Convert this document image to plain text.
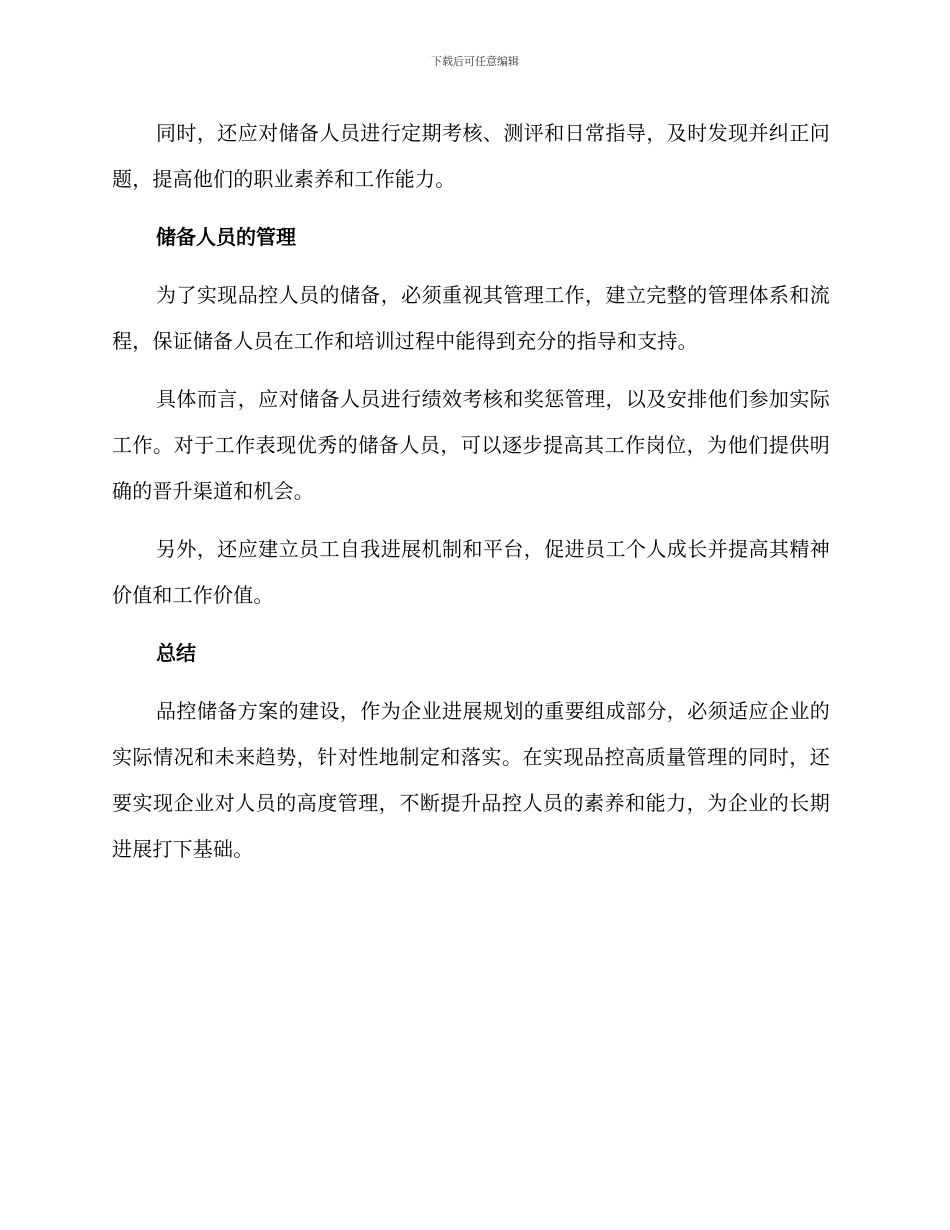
下载后可任意编辑

同时，还应对储备人员进行定期考核、测评和日常指导，及时发现并纠正问题，提高他们的职业素养和工作能力。

储备人员的管理

为了实现品控人员的储备，必须重视其管理工作，建立完整的管理体系和流程，保证储备人员在工作和培训过程中能得到充分的指导和支持。

具体而言，应对储备人员进行绩效考核和奖惩管理，以及安排他们参加实际工作。对于工作表现优秀的储备人员，可以逐步提高其工作岗位，为他们提供明确的晋升渠道和机会。

另外，还应建立员工自我进展机制和平台，促进员工个人成长并提高其精神价值和工作价值。

总结

品控储备方案的建设，作为企业进展规划的重要组成部分，必须适应企业的实际情况和未来趋势，针对性地制定和落实。在实现品控高质量管理的同时，还要实现企业对人员的高度管理，不断提升品控人员的素养和能力，为企业的长期进展打下基础。
